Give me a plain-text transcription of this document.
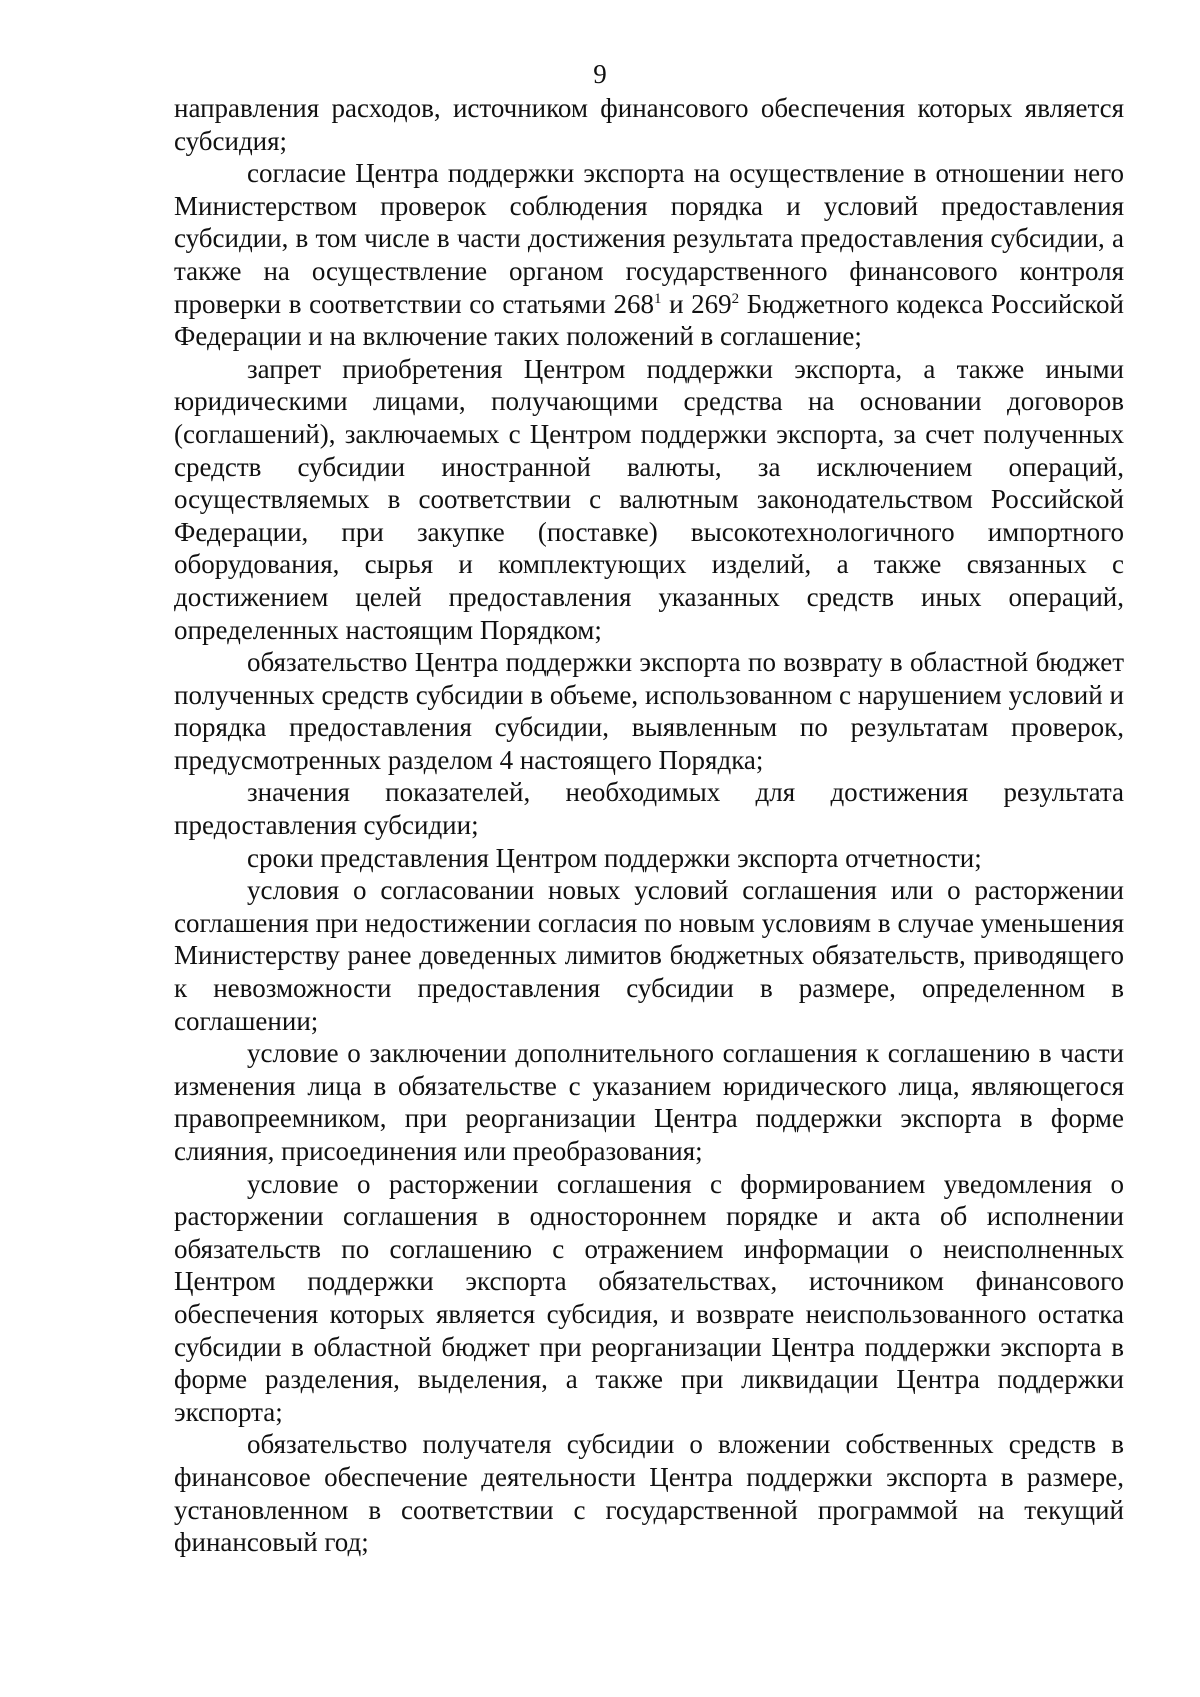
9

направления расходов, источником финансового обеспечения которых является субсидия;

согласие Центра поддержки экспорта на осуществление в отношении него Министерством проверок соблюдения порядка и условий предоставления субсидии, в том числе в части достижения результата предоставления субсидии, а также на осуществление органом государственного финансового контроля проверки в соответствии со статьями $268^1$ и $269^2$ Бюджетного кодекса Российской Федерации и на включение таких положений в соглашение;

запрет приобретения Центром поддержки экспорта, а также иными юридическими лицами, получающими средства на основании договоров (соглашений), заключаемых с Центром поддержки экспорта, за счет полученных средств субсидии иностранной валюты, за исключением операций, осуществляемых в соответствии с валютным законодательством Российской Федерации, при закупке (поставке) высокотехнологичного импортного оборудования, сырья и комплектующих изделий, а также связанных с достижением целей предоставления указанных средств иных операций, определенных настоящим Порядком;

обязательство Центра поддержки экспорта по возврату в областной бюджет полученных средств субсидии в объеме, использованном с нарушением условий и порядка предоставления субсидии, выявленным по результатам проверок, предусмотренных разделом 4 настоящего Порядка;

значения показателей, необходимых для достижения результата предоставления субсидии;

сроки представления Центром поддержки экспорта отчетности;

условия о согласовании новых условий соглашения или о расторжении соглашения при недостижении согласия по новым условиям в случае уменьшения Министерству ранее доведенных лимитов бюджетных обязательств, приводящего к невозможности предоставления субсидии в размере, определенном в соглашении;

условие о заключении дополнительного соглашения к соглашению в части изменения лица в обязательстве с указанием юридического лица, являющегося правопреемником, при реорганизации Центра поддержки экспорта в форме слияния, присоединения или преобразования;

условие о расторжении соглашения с формированием уведомления о расторжении соглашения в одностороннем порядке и акта об исполнении обязательств по соглашению с отражением информации о неисполненных Центром поддержки экспорта обязательствах, источником финансового обеспечения которых является субсидия, и возврате неиспользованного остатка субсидии в областной бюджет при реорганизации Центра поддержки экспорта в форме разделения, выделения, а также при ликвидации Центра поддержки экспорта;

обязательство получателя субсидии о вложении собственных средств в финансовое обеспечение деятельности Центра поддержки экспорта в размере, установленном в соответствии с государственной программой на текущий финансовый год;
